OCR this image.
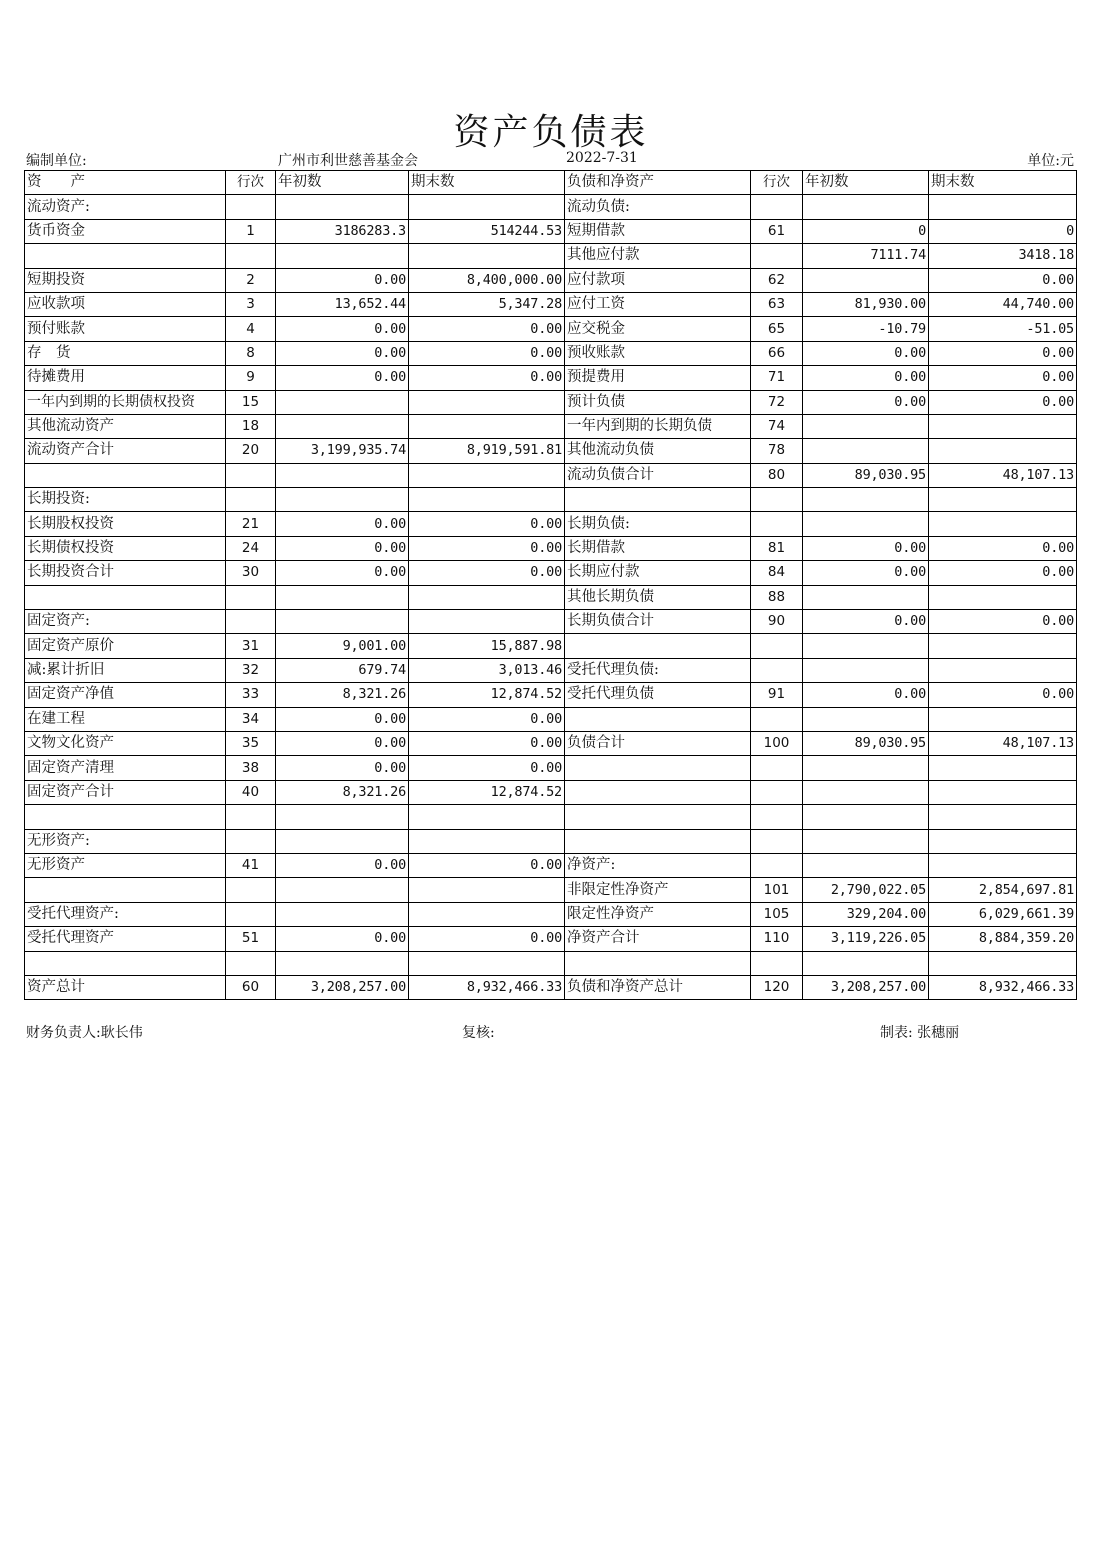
资产负债表
编制单位:	广州市利世慈善基金会	2022-7-31	单位:元
资　　产	行次	年初数	期末数	负债和净资产	行次	年初数	期末数
流动资产:				流动负债:			
货币资金	1	3186283.3	514244.53	短期借款	61	0	0
				其他应付款		7111.74	3418.18
短期投资	2	0.00	8,400,000.00	应付款项	62		0.00
应收款项	3	13,652.44	5,347.28	应付工资	63	81,930.00	44,740.00
预付账款	4	0.00	0.00	应交税金	65	-10.79	-51.05
存　货	8	0.00	0.00	预收账款	66	0.00	0.00
待摊费用	9	0.00	0.00	预提费用	71	0.00	0.00
一年内到期的长期债权投资	15			预计负债	72	0.00	0.00
其他流动资产	18			一年内到期的长期负债	74		
流动资产合计	20	3,199,935.74	8,919,591.81	其他流动负债	78		
				流动负债合计	80	89,030.95	48,107.13
长期投资:							
长期股权投资	21	0.00	0.00	长期负债:			
长期债权投资	24	0.00	0.00	长期借款	81	0.00	0.00
长期投资合计	30	0.00	0.00	长期应付款	84	0.00	0.00
				其他长期负债	88		
固定资产:				长期负债合计	90	0.00	0.00
固定资产原价	31	9,001.00	15,887.98				
减:累计折旧	32	679.74	3,013.46	受托代理负债:			
固定资产净值	33	8,321.26	12,874.52	受托代理负债	91	0.00	0.00
在建工程	34	0.00	0.00				
文物文化资产	35	0.00	0.00	负债合计	100	89,030.95	48,107.13
固定资产清理	38	0.00	0.00				
固定资产合计	40	8,321.26	12,874.52				

无形资产:							
无形资产	41	0.00	0.00	净资产:			
				非限定性净资产	101	2,790,022.05	2,854,697.81
受托代理资产:				限定性净资产	105	329,204.00	6,029,661.39
受托代理资产	51	0.00	0.00	净资产合计	110	3,119,226.05	8,884,359.20

资产总计	60	3,208,257.00	8,932,466.33	负债和净资产总计	120	3,208,257.00	8,932,466.33
财务负责人:耿长伟	复核:	制表: 张穗丽
